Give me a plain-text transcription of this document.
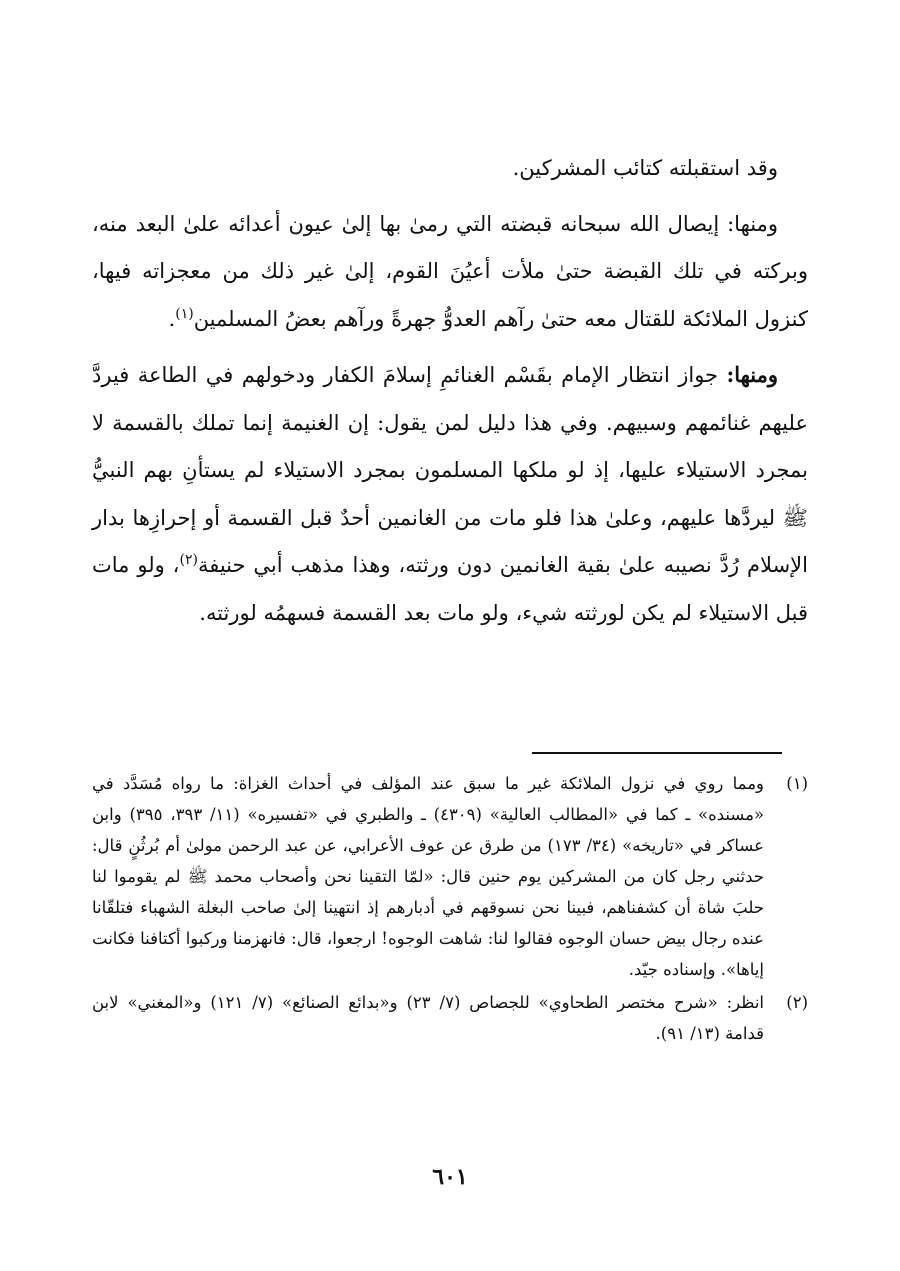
وقد استقبلته كتائب المشركين.

ومنها: إيصال الله سبحانه قبضته التي رمىٰ بها إلىٰ عيون أعدائه علىٰ البعد منه، وبركته في تلك القبضة حتىٰ ملأت أعيُنَ القوم، إلىٰ غير ذلك من معجزاته فيها، كنزول الملائكة للقتال معه حتىٰ رآهم العدوُّ جهرةً ورآهم بعضُ المسلمين$^{(١)}$.

ومنها: جواز انتظار الإمام بقَسْم الغنائمِ إسلامَ الكفار ودخولهم في الطاعة فيردَّ عليهم غنائمهم وسبيهم. وفي هذا دليل لمن يقول: إن الغنيمة إنما تملك بالقسمة لا بمجرد الاستيلاء عليها، إذ لو ملكها المسلمون بمجرد الاستيلاء لم يستأنِ بهم النبيُّ ﷺ ليردَّها عليهم، وعلىٰ هذا فلو مات من الغانمين أحدٌ قبل القسمة أو إحرازِها بدار الإسلام رُدَّ نصيبه علىٰ بقية الغانمين دون ورثته، وهذا مذهب أبي حنيفة$^{(٢)}$، ولو مات قبل الاستيلاء لم يكن لورثته شيء، ولو مات بعد القسمة فسهمُه لورثته.

(١)
ومما روي في نزول الملائكة غير ما سبق عند المؤلف في أحداث الغزاة: ما رواه مُسَدَّد في «مسنده» ـ كما في «المطالب العالية» (٤٣٠٩) ـ والطبري في «تفسيره» (١١/ ٣٩٣، ٣٩٥) وابن عساكر في «تاريخه» (٣٤/ ١٧٣) من طرق عن عوف الأعرابي، عن عبد الرحمن مولىٰ أم بُرثُنٍ قال: حدثني رجل كان من المشركين يوم حنين قال: «لمّا التقينا نحن وأصحاب محمد ﷺ لم يقوموا لنا حلبَ شاة أن كشفناهم، فبينا نحن نسوقهم في أدبارهم إذ انتهينا إلىٰ صاحب البغلة الشهباء فتلقّانا عنده رجال بيض حسان الوجوه فقالوا لنا: شاهت الوجوه! ارجعوا، قال: فانهزمنا وركبوا أكتافنا فكانت إياها». وإسناده جيّد.
(٢)
انظر: «شرح مختصر الطحاوي» للجصاص (٧/ ٢٣) و«بدائع الصنائع» (٧/ ١٢١) و«المغني» لابن قدامة (١٣/ ٩١).
٦٠١
